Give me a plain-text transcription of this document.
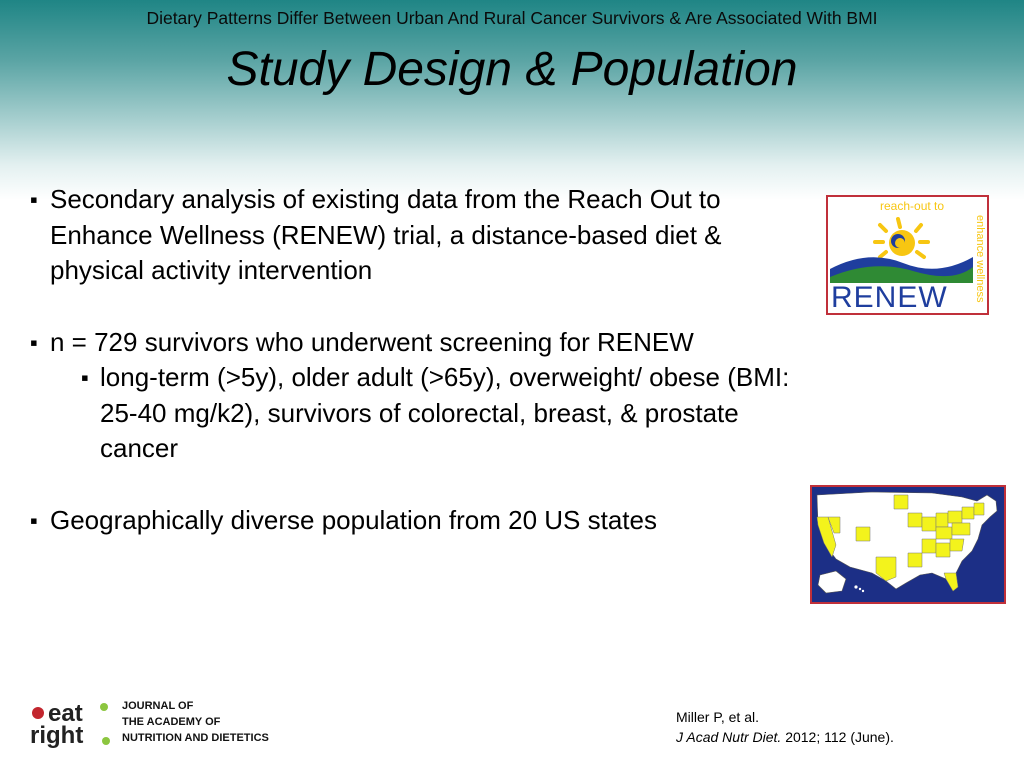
Dietary Patterns Differ Between Urban And Rural Cancer Survivors & Are Associated With BMI
Study Design & Population

▪ Secondary analysis of existing data from the Reach Out to Enhance Wellness (RENEW) trial, a distance-based diet & physical activity intervention

▪ n = 729 survivors who underwent screening for RENEW

▪ long-term (>5y), older adult (>65y), overweight/ obese (BMI: 25-40 mg/k2), survivors of colorectal, breast, & prostate cancer

▪ Geographically diverse population from 20 US states

reach-out to
enhance wellness
RENEW
eat
right
JOURNAL OF
THE ACADEMY OF
NUTRITION AND DIETETICS
Miller P, et al.
J Acad Nutr Diet. 2012; 112 (June).
